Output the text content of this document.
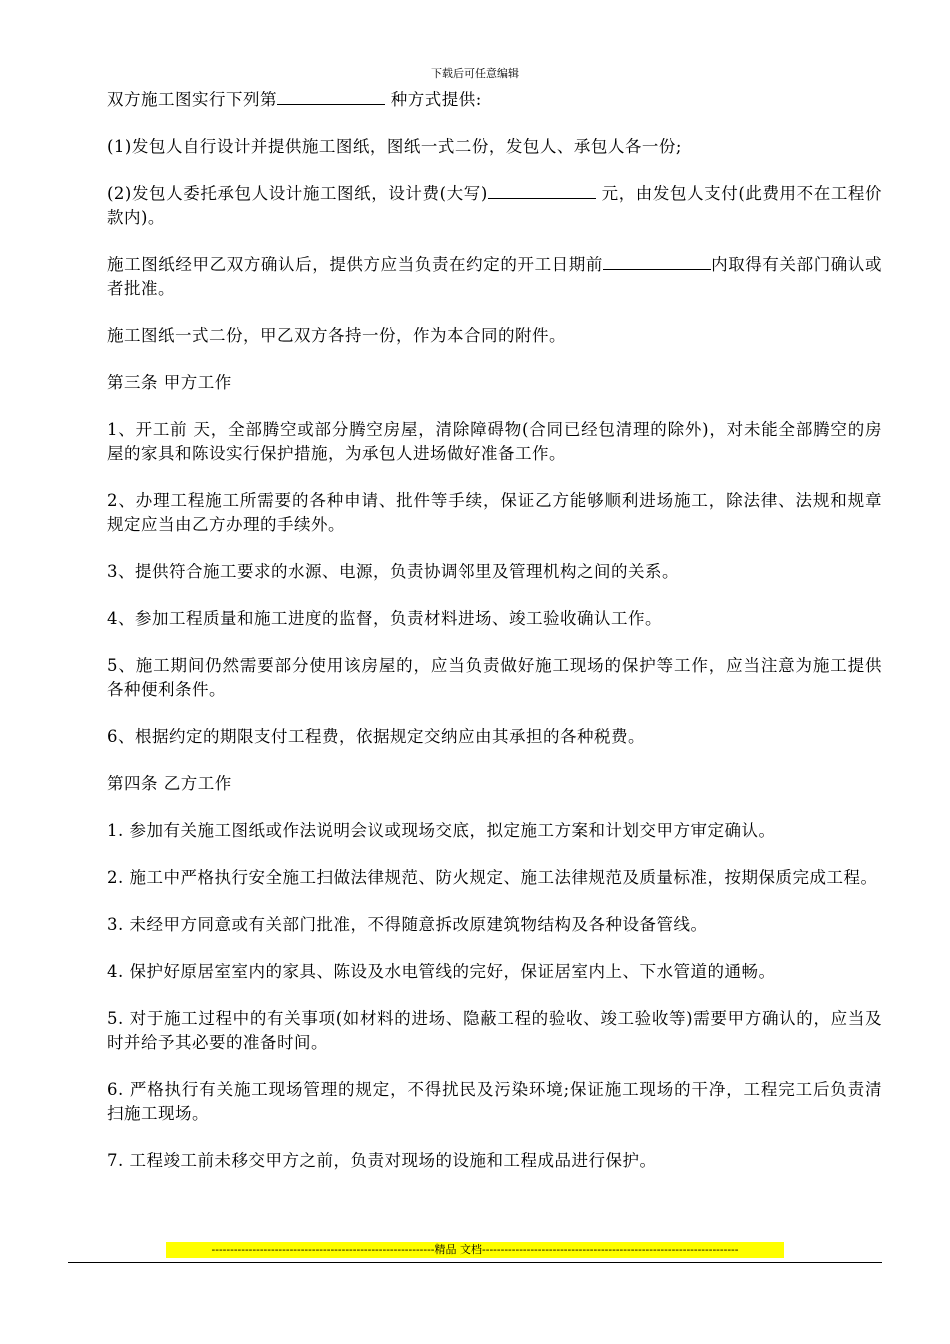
下载后可任意编辑

双方施工图实行下列第	种方式提供:

(1)发包人自行设计并提供施工图纸，图纸一式二份，发包人、承包人各一份;

(2)发包人委托承包人设计施工图纸，设计费(大写)	元，由发包人支付(此费用不在工程价款内)。

施工图纸经甲乙双方确认后，提供方应当负责在约定的开工日期前	内取得有关部门确认或者批准。

施工图纸一式二份，甲乙双方各持一份，作为本合同的附件。

第三条 甲方工作

1、开工前 天，全部腾空或部分腾空房屋，清除障碍物(合同已经包清理的除外)，对未能全部腾空的房屋的家具和陈设实行保护措施，为承包人进场做好准备工作。

2、办理工程施工所需要的各种申请、批件等手续，保证乙方能够顺利进场施工，除法律、法规和规章规定应当由乙方办理的手续外。

3、提供符合施工要求的水源、电源，负责协调邻里及管理机构之间的关系。

4、参加工程质量和施工进度的监督，负责材料进场、竣工验收确认工作。

5、施工期间仍然需要部分使用该房屋的，应当负责做好施工现场的保护等工作，应当注意为施工提供各种便利条件。

6、根据约定的期限支付工程费，依据规定交纳应由其承担的各种税费。

第四条 乙方工作

1. 参加有关施工图纸或作法说明会议或现场交底，拟定施工方案和计划交甲方审定确认。

2. 施工中严格执行安全施工扫做法律规范、防火规定、施工法律规范及质量标准，按期保质完成工程。

3. 未经甲方同意或有关部门批准，不得随意拆改原建筑物结构及各种设备管线。

4. 保护好原居室室内的家具、陈设及水电管线的完好，保证居室内上、下水管道的通畅。

5. 对于施工过程中的有关事项(如材料的进场、隐蔽工程的验收、竣工验收等)需要甲方确认的，应当及时并给予其必要的准备时间。

6. 严格执行有关施工现场管理的规定，不得扰民及污染环境;保证施工现场的干净，工程完工后负责清扫施工现场。

7. 工程竣工前未移交甲方之前，负责对现场的设施和工程成品进行保护。

------------------------------------------------------------精品 文档---------------------------------------------------------------------
